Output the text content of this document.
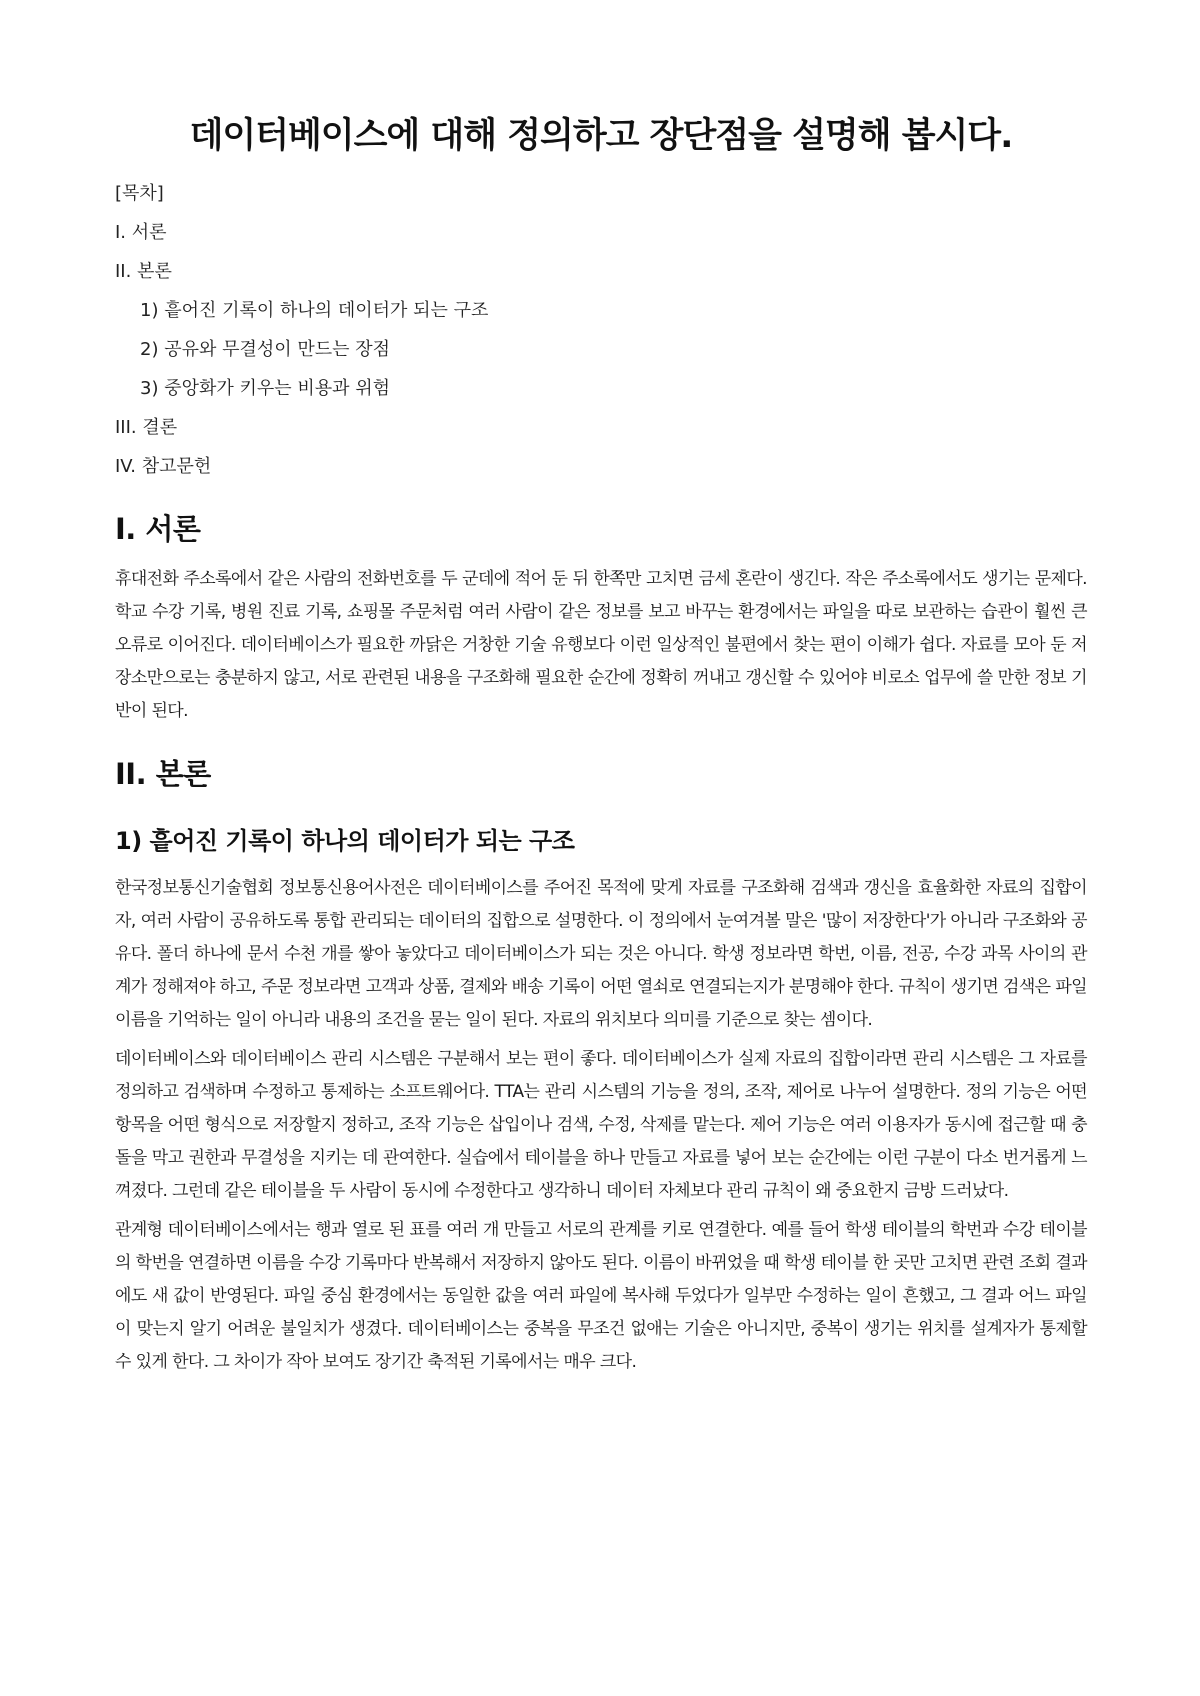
데이터베이스에 대해 정의하고 장단점을 설명해 봅시다.
[목차]
I. 서론
II. 본론
1) 흩어진 기록이 하나의 데이터가 되는 구조
2) 공유와 무결성이 만드는 장점
3) 중앙화가 키우는 비용과 위험
III. 결론
IV. 참고문헌
I. 서론

휴대전화 주소록에서 같은 사람의 전화번호를 두 군데에 적어 둔 뒤 한쪽만 고치면 금세 혼란이 생긴다. 작은 주소록에서도 생기는 문제다. 학교 수강 기록, 병원 진료 기록, 쇼핑몰 주문처럼 여러 사람이 같은 정보를 보고 바꾸는 환경에서는 파일을 따로 보관하는 습관이 훨씬 큰 오류로 이어진다. 데이터베이스가 필요한 까닭은 거창한 기술 유행보다 이런 일상적인 불편에서 찾는 편이 이해가 쉽다. 자료를 모아 둔 저장소만으로는 충분하지 않고, 서로 관련된 내용을 구조화해 필요한 순간에 정확히 꺼내고 갱신할 수 있어야 비로소 업무에 쓸 만한 정보 기반이 된다.

II. 본론
1) 흩어진 기록이 하나의 데이터가 되는 구조

한국정보통신기술협회 정보통신용어사전은 데이터베이스를 주어진 목적에 맞게 자료를 구조화해 검색과 갱신을 효율화한 자료의 집합이자, 여러 사람이 공유하도록 통합 관리되는 데이터의 집합으로 설명한다. 이 정의에서 눈여겨볼 말은 '많이 저장한다'가 아니라 구조화와 공유다. 폴더 하나에 문서 수천 개를 쌓아 놓았다고 데이터베이스가 되는 것은 아니다. 학생 정보라면 학번, 이름, 전공, 수강 과목 사이의 관계가 정해져야 하고, 주문 정보라면 고객과 상품, 결제와 배송 기록이 어떤 열쇠로 연결되는지가 분명해야 한다. 규칙이 생기면 검색은 파일 이름을 기억하는 일이 아니라 내용의 조건을 묻는 일이 된다. 자료의 위치보다 의미를 기준으로 찾는 셈이다.

데이터베이스와 데이터베이스 관리 시스템은 구분해서 보는 편이 좋다. 데이터베이스가 실제 자료의 집합이라면 관리 시스템은 그 자료를 정의하고 검색하며 수정하고 통제하는 소프트웨어다. TTA는 관리 시스템의 기능을 정의, 조작, 제어로 나누어 설명한다. 정의 기능은 어떤 항목을 어떤 형식으로 저장할지 정하고, 조작 기능은 삽입이나 검색, 수정, 삭제를 맡는다. 제어 기능은 여러 이용자가 동시에 접근할 때 충돌을 막고 권한과 무결성을 지키는 데 관여한다. 실습에서 테이블을 하나 만들고 자료를 넣어 보는 순간에는 이런 구분이 다소 번거롭게 느껴졌다. 그런데 같은 테이블을 두 사람이 동시에 수정한다고 생각하니 데이터 자체보다 관리 규칙이 왜 중요한지 금방 드러났다.

관계형 데이터베이스에서는 행과 열로 된 표를 여러 개 만들고 서로의 관계를 키로 연결한다. 예를 들어 학생 테이블의 학번과 수강 테이블의 학번을 연결하면 이름을 수강 기록마다 반복해서 저장하지 않아도 된다. 이름이 바뀌었을 때 학생 테이블 한 곳만 고치면 관련 조회 결과에도 새 값이 반영된다. 파일 중심 환경에서는 동일한 값을 여러 파일에 복사해 두었다가 일부만 수정하는 일이 흔했고, 그 결과 어느 파일이 맞는지 알기 어려운 불일치가 생겼다. 데이터베이스는 중복을 무조건 없애는 기술은 아니지만, 중복이 생기는 위치를 설계자가 통제할 수 있게 한다. 그 차이가 작아 보여도 장기간 축적된 기록에서는 매우 크다.
